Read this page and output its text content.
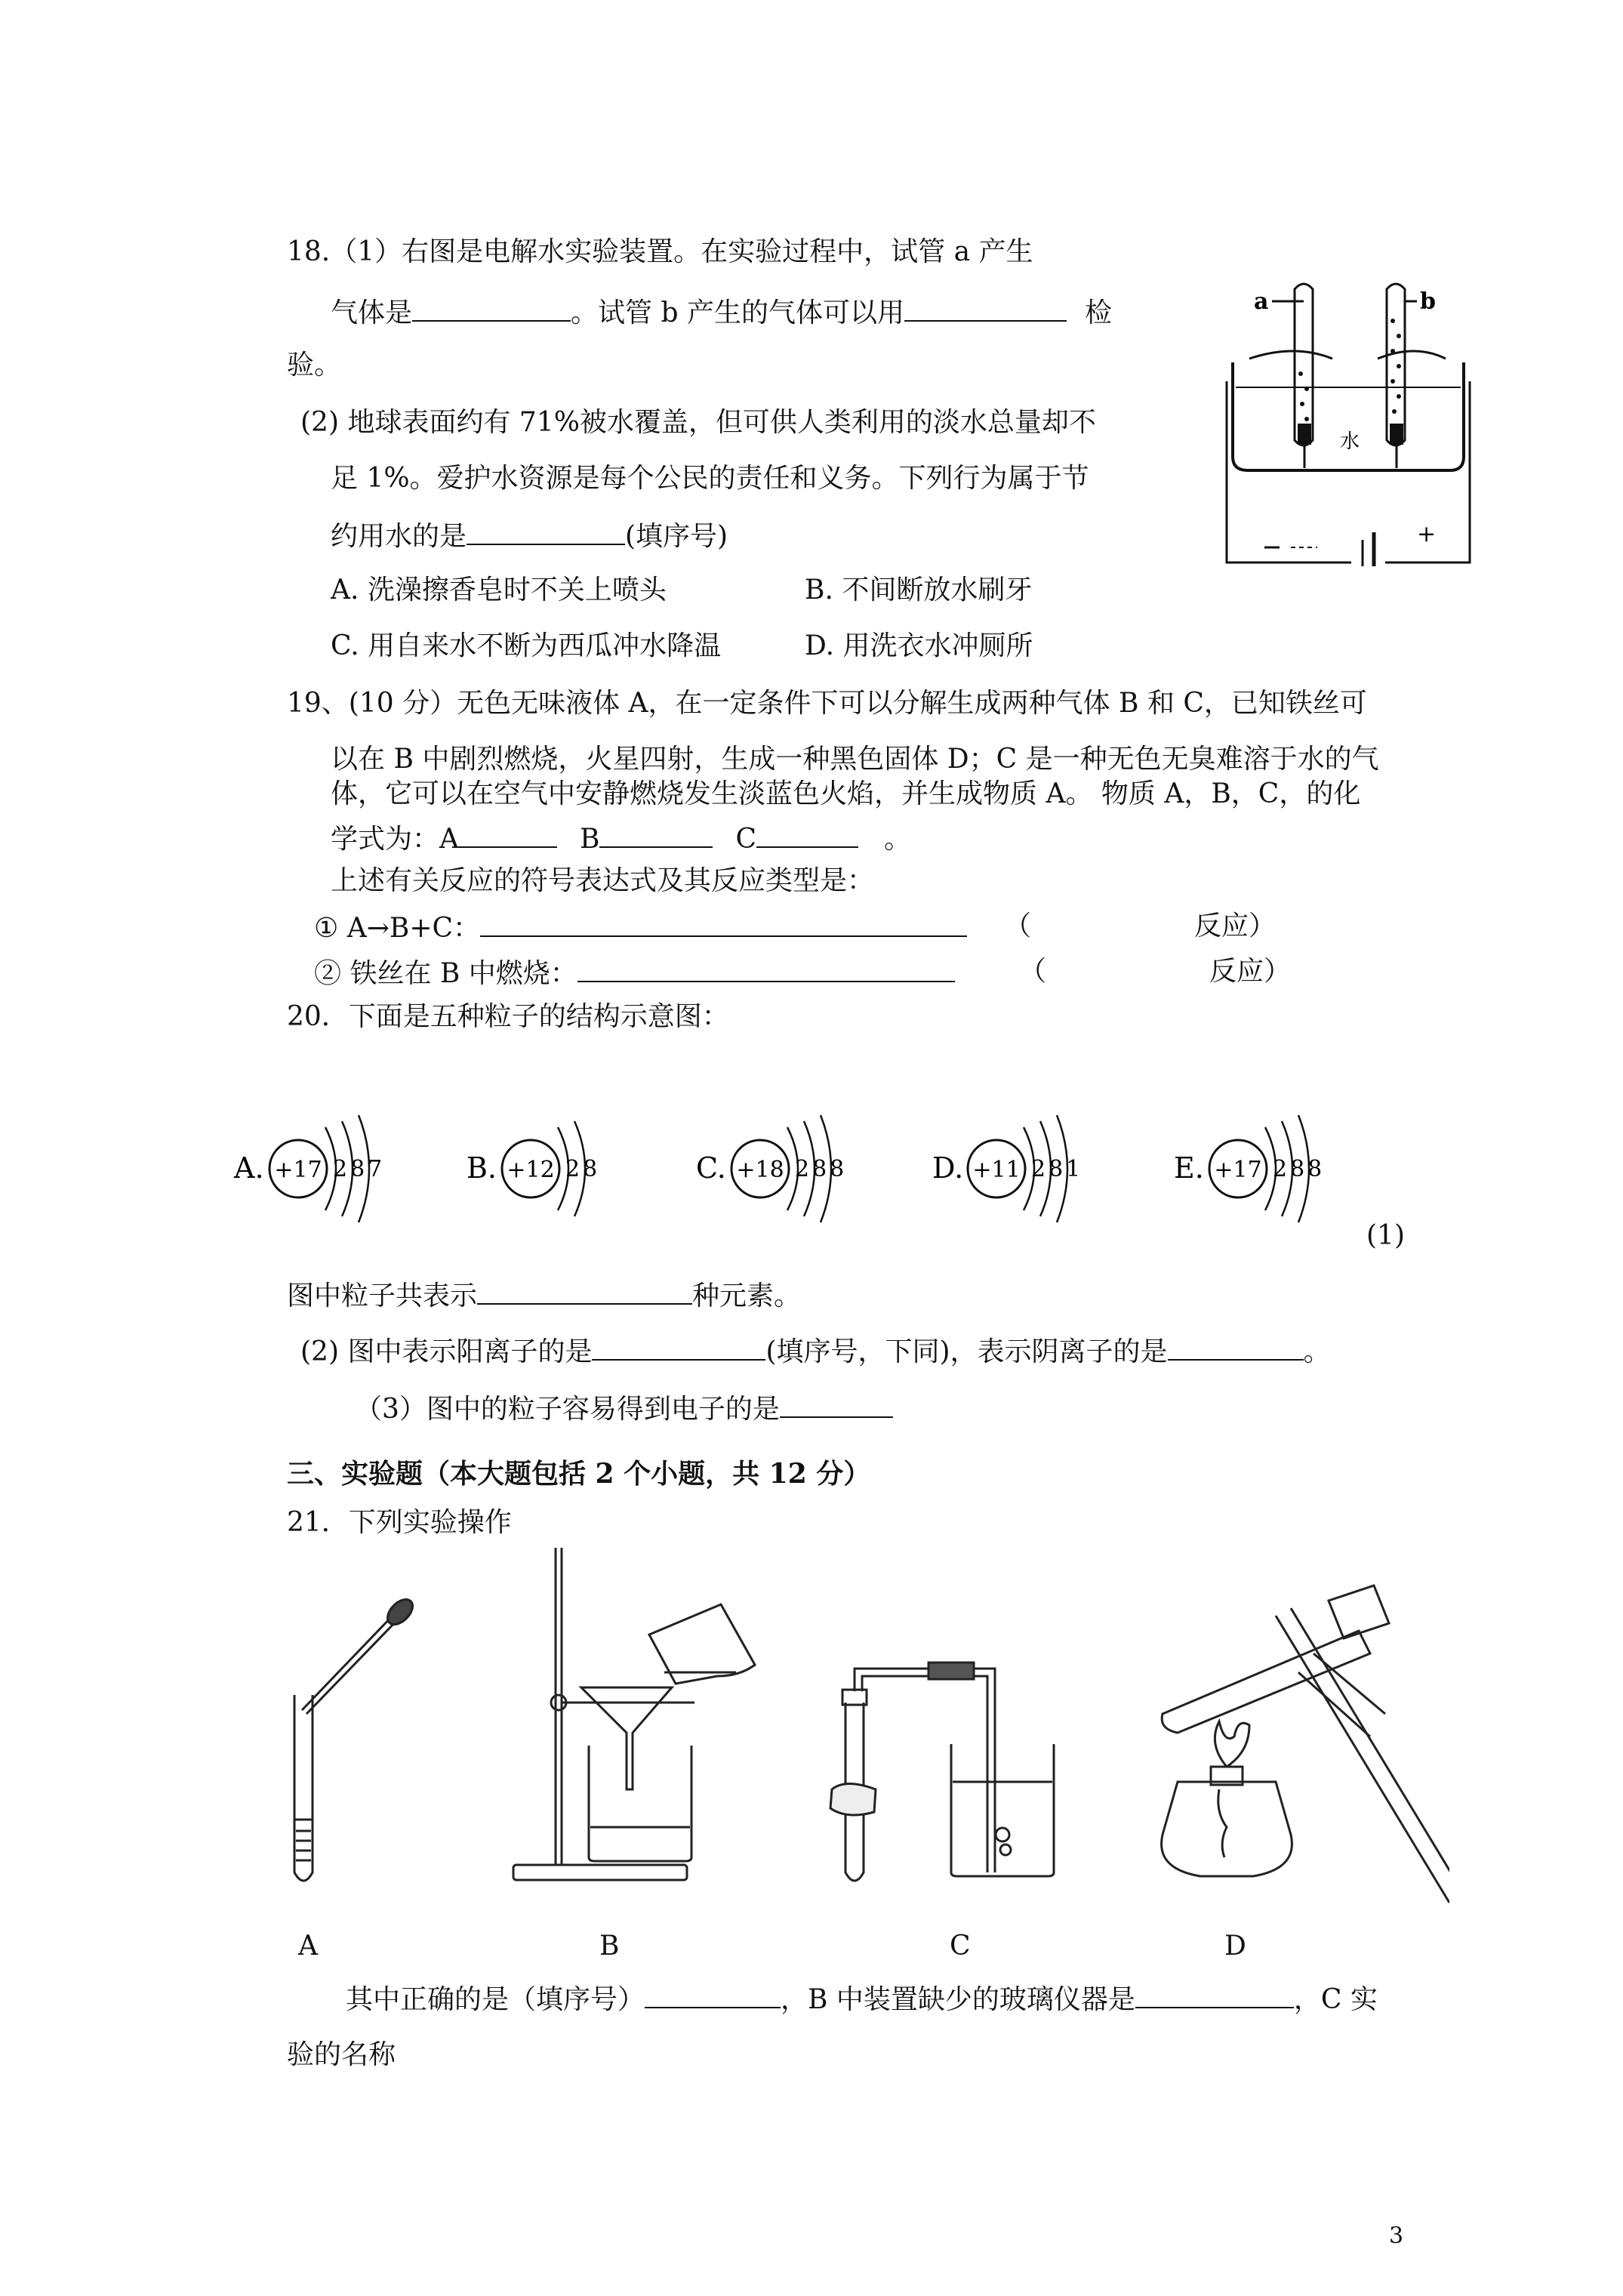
18.（1）右图是电解水实验装置。在实验过程中，试管 a 产生
气体是	。试管 b 产生的气体可以用	检
验。
(2) 地球表面约有 71%被水覆盖，但可供人类利用的淡水总量却不
足 1%。爱护水资源是每个公民的责任和义务。下列行为属于节
约用水的是	(填序号)
A. 洗澡擦香皂时不关上喷头	B. 不间断放水刷牙
C. 用自来水不断为西瓜冲水降温	D. 用洗衣水冲厕所
a	b
水
+
19、(10 分）无色无味液体 A，在一定条件下可以分解生成两种气体 B 和 C，已知铁丝可
以在 B 中剧烈燃烧，火星四射，生成一种黑色固体 D；C 是一种无色无臭难溶于水的气
体，它可以在空气中安静燃烧发生淡蓝色火焰，并生成物质 A。 物质 A，B，C，的化
学式为：A	B	C	。
上述有关反应的符号表达式及其反应类型是：
① A→B+C：	（	反应）
② 铁丝在 B 中燃烧：	（	反应）
20．下面是五种粒子的结构示意图：
A. +17 287	B. +12 28	C. +18 288	D. +11 281	E. +17 288
(1)
图中粒子共表示	种元素。
(2) 图中表示阳离子的是	(填序号，下同)，表示阴离子的是	。
（3）图中的粒子容易得到电子的是
三、实验题（本大题包括 2 个小题，共 12 分）
21．下列实验操作
A	B	C	D
其中正确的是（填序号）	，B 中装置缺少的玻璃仪器是	，C 实
验的名称
3
